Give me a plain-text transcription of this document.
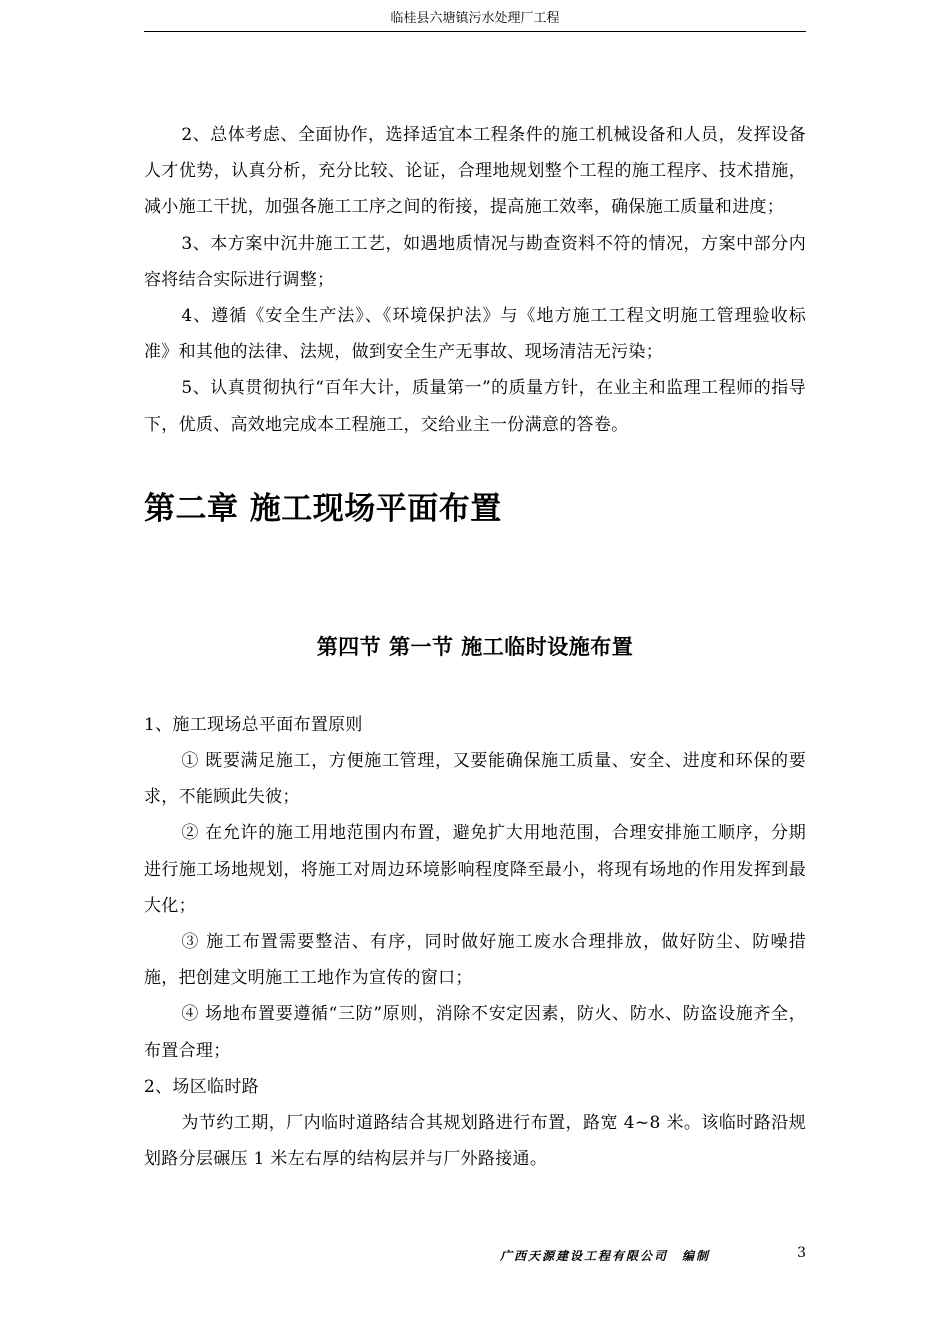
临桂县六塘镇污水处理厂工程

2、总体考虑、全面协作，选择适宜本工程条件的施工机械设备和人员，发挥设备人才优势，认真分析，充分比较、论证，合理地规划整个工程的施工程序、技术措施，减小施工干扰，加强各施工工序之间的衔接，提高施工效率，确保施工质量和进度；

3、本方案中沉井施工工艺，如遇地质情况与勘查资料不符的情况，方案中部分内容将结合实际进行调整；

4、遵循《安全生产法》、《环境保护法》与《地方施工工程文明施工管理验收标准》和其他的法律、法规，做到安全生产无事故、现场清洁无污染；

5、认真贯彻执行“百年大计，质量第一”的质量方针，在业主和监理工程师的指导下，优质、高效地完成本工程施工，交给业主一份满意的答卷。

第二章 施工现场平面布置
第四节 第一节 施工临时设施布置

1、施工现场总平面布置原则

① 既要满足施工，方便施工管理，又要能确保施工质量、安全、进度和环保的要求，不能顾此失彼；

② 在允许的施工用地范围内布置，避免扩大用地范围，合理安排施工顺序，分期进行施工场地规划，将施工对周边环境影响程度降至最小，将现有场地的作用发挥到最大化；

③ 施工布置需要整洁、有序，同时做好施工废水合理排放，做好防尘、防噪措施，把创建文明施工工地作为宣传的窗口；

④ 场地布置要遵循“三防”原则，消除不安定因素，防火、防水、防盗设施齐全，布置合理；

2、场区临时路

为节约工期，厂内临时道路结合其规划路进行布置，路宽 4~8 米。该临时路沿规划路分层碾压 1 米左右厚的结构层并与厂外路接通。

广西天源建设工程有限公司　编制	3
